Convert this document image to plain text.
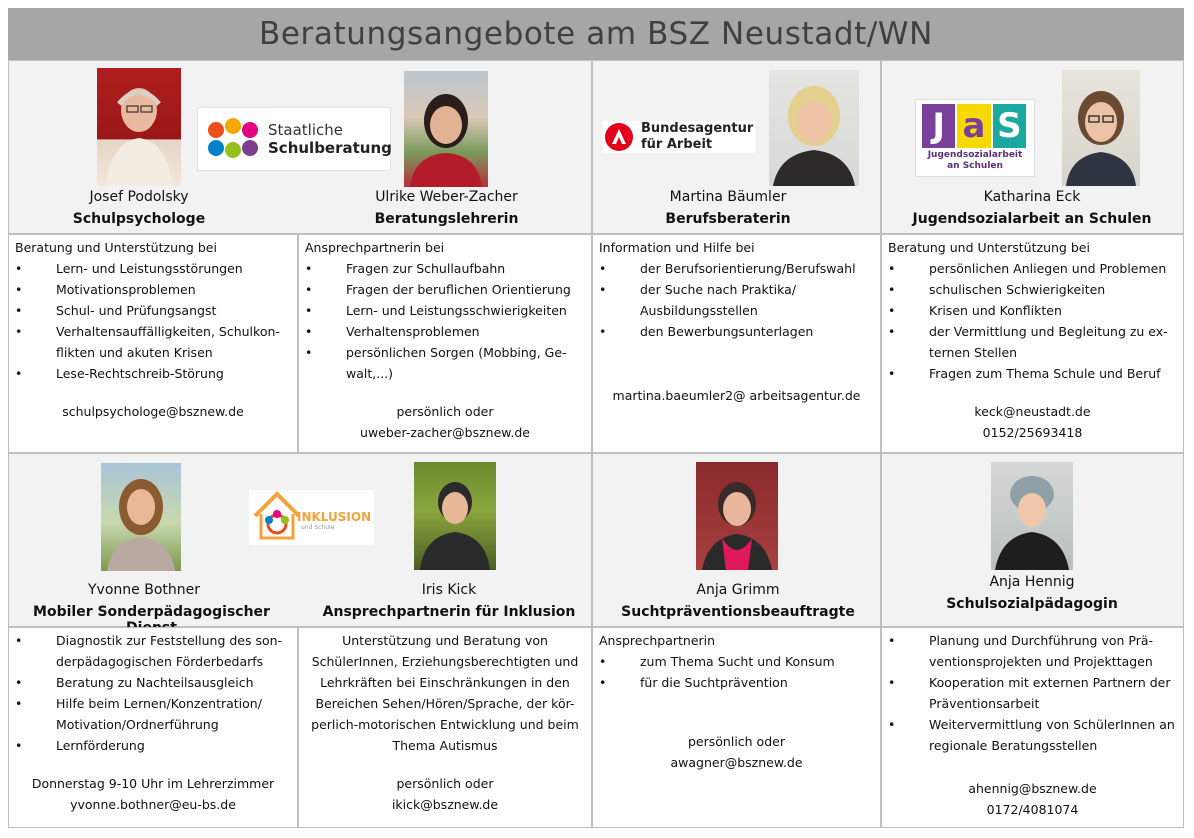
Beratungsangebote am BSZ Neustadt/WN
Staatliche
Schulberatung
Josef Podolsky
Schulpsychologe
Ulrike Weber-Zacher
Beratungslehrerin
Bundesagentur
für Arbeit
Martina Bäumler
Berufsberaterin
J a S
Jugendsozialarbeit
an Schulen
Katharina Eck
Jugendsozialarbeit an Schulen
Beratung und Unterstützung bei
• Lern- und Leistungsstörungen
• Motivationsproblemen
• Schul- und Prüfungsangst
• Verhaltensauffälligkeiten, Schulkon-flikten und akuten Krisen
• Lese-Rechtschreib-Störung
schulpsychologe@bsznew.de
Ansprechpartnerin bei
• Fragen zur Schullaufbahn
• Fragen der beruflichen Orientierung
• Lern- und Leistungsschwierigkeiten
• Verhaltensproblemen
• persönlichen Sorgen (Mobbing, Ge-walt,...)
persönlich oder
uweber-zacher@bsznew.de
Information und Hilfe bei
• der Berufsorientierung/Berufswahl
• der Suche nach Praktika/ Ausbildungsstellen
• den Bewerbungsunterlagen
martina.baeumler2@ arbeitsagentur.de
Beratung und Unterstützung bei
• persönlichen Anliegen und Problemen
• schulischen Schwierigkeiten
• Krisen und Konflikten
• der Vermittlung und Begleitung zu ex-ternen Stellen
• Fragen zum Thema Schule und Beruf
keck@neustadt.de
0152/25693418
INKLUSION
und Schule
Yvonne Bothner
Mobiler Sonderpädagogischer
Iris Kick
Ansprechpartnerin für Inklusion
Anja Grimm
Suchtpräventionsbeauftragte
Anja Hennig
Schulsozialpädagogin
• Diagnostik zur Feststellung des son-derpädagogischen Förderbedarfs
• Beratung zu Nachteilsausgleich
• Hilfe beim Lernen/Konzentration/ Motivation/Ordnerführung
• Lernförderung
Donnerstag 9-10 Uhr im Lehrerzimmer
yvonne.bothner@eu-bs.de
Unterstützung und Beratung von SchülerInnen, Erziehungsberechtigten und Lehrkräften bei Einschränkungen in den Bereichen Sehen/Hören/Sprache, der kör-perlich-motorischen Entwicklung und beim Thema Autismus
persönlich oder
ikick@bsznew.de
Ansprechpartnerin
• zum Thema Sucht und Konsum
• für die Suchtprävention
persönlich oder
awagner@bsznew.de
• Planung und Durchführung von Prä-ventionsprojekten und Projekttagen
• Kooperation mit externen Partnern der Präventionsarbeit
• Weitervermittlung von SchülerInnen an regionale Beratungsstellen
ahennig@bsznew.de
0172/4081074
